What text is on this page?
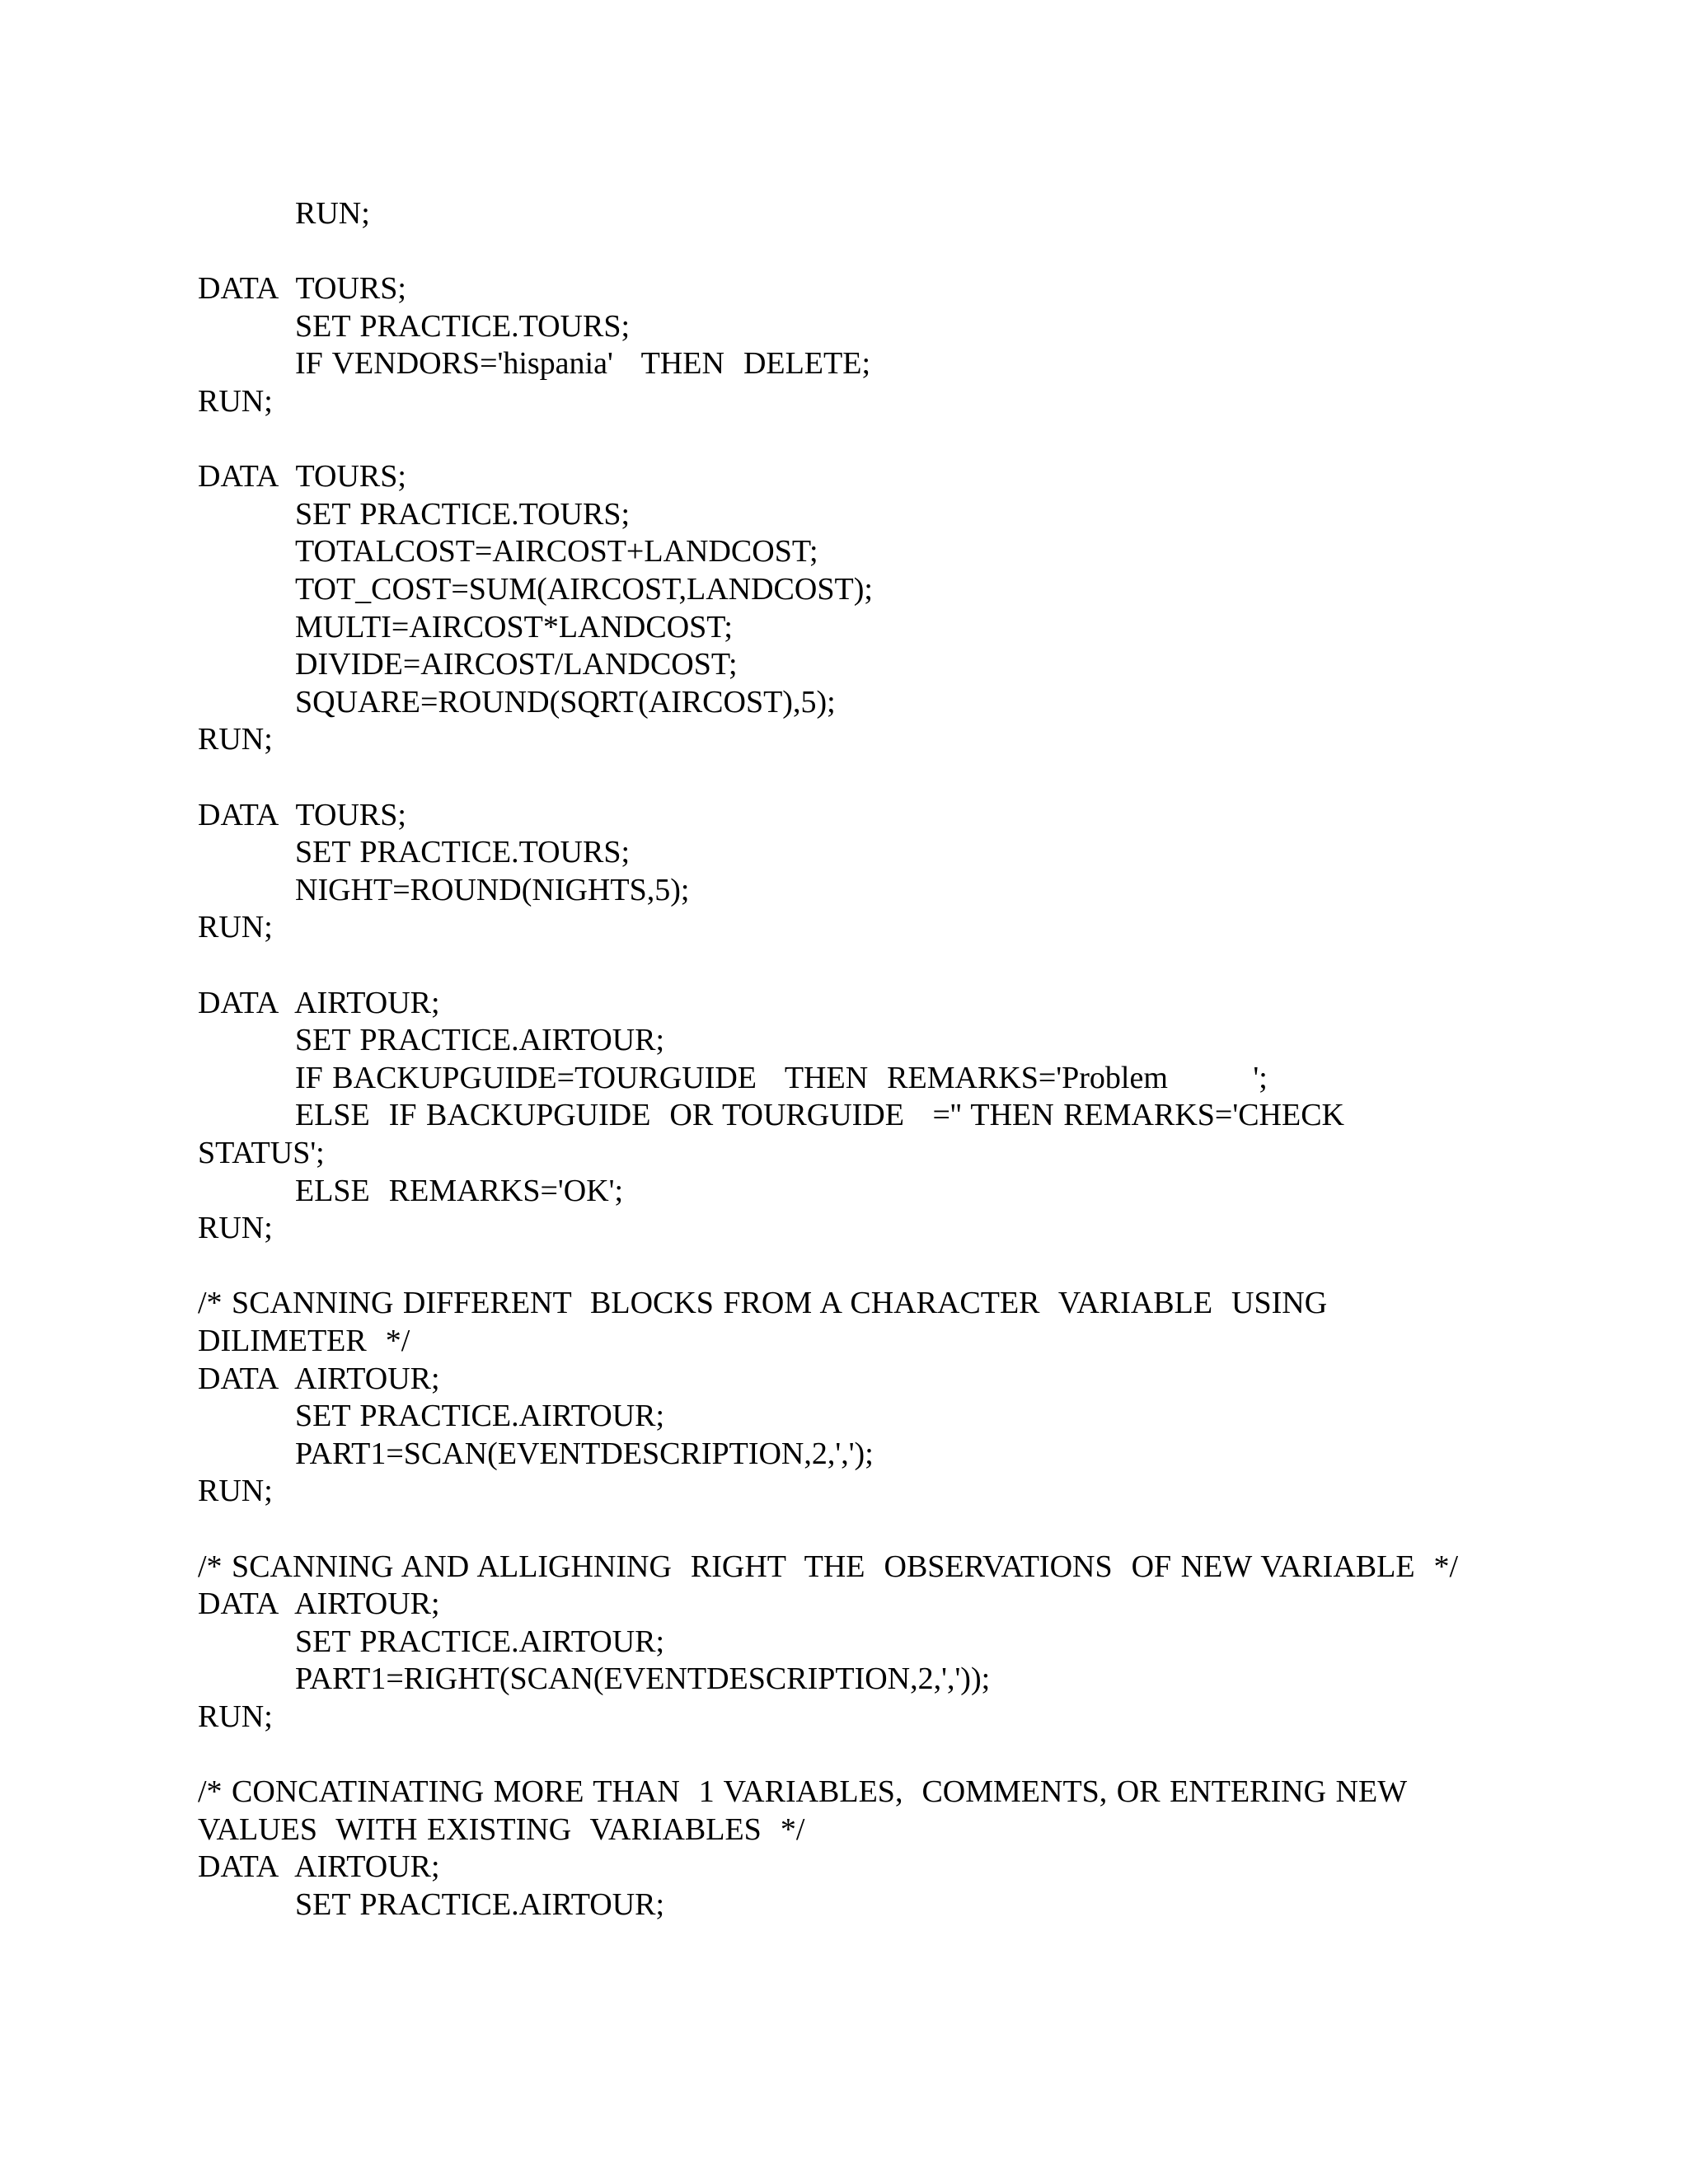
RUN;
DATA  TOURS;
SET PRACTICE.TOURS;
IF VENDORS='hispania'   THEN  DELETE;
RUN;
DATA  TOURS;
SET PRACTICE.TOURS;
TOTALCOST=AIRCOST+LANDCOST;
TOT_COST=SUM(AIRCOST,LANDCOST);
MULTI=AIRCOST*LANDCOST;
DIVIDE=AIRCOST/LANDCOST;
SQUARE=ROUND(SQRT(AIRCOST),5);
RUN;
DATA  TOURS;
SET PRACTICE.TOURS;
NIGHT=ROUND(NIGHTS,5);
RUN;
DATA  AIRTOUR;
SET PRACTICE.AIRTOUR;
IF BACKUPGUIDE=TOURGUIDE   THEN  REMARKS='Problem         ';
ELSE  IF BACKUPGUIDE  OR TOURGUIDE   ='' THEN REMARKS='CHECK
STATUS';
ELSE  REMARKS='OK';
RUN;
/* SCANNING DIFFERENT  BLOCKS FROM A CHARACTER  VARIABLE  USING
DILIMETER  */
DATA  AIRTOUR;
SET PRACTICE.AIRTOUR;
PART1=SCAN(EVENTDESCRIPTION,2,',');
RUN;
/* SCANNING AND ALLIGHNING  RIGHT  THE  OBSERVATIONS  OF NEW VARIABLE  */
DATA  AIRTOUR;
SET PRACTICE.AIRTOUR;
PART1=RIGHT(SCAN(EVENTDESCRIPTION,2,','));
RUN;
/* CONCATINATING MORE THAN  1 VARIABLES,  COMMENTS, OR ENTERING NEW
VALUES  WITH EXISTING  VARIABLES  */
DATA  AIRTOUR;
SET PRACTICE.AIRTOUR;
